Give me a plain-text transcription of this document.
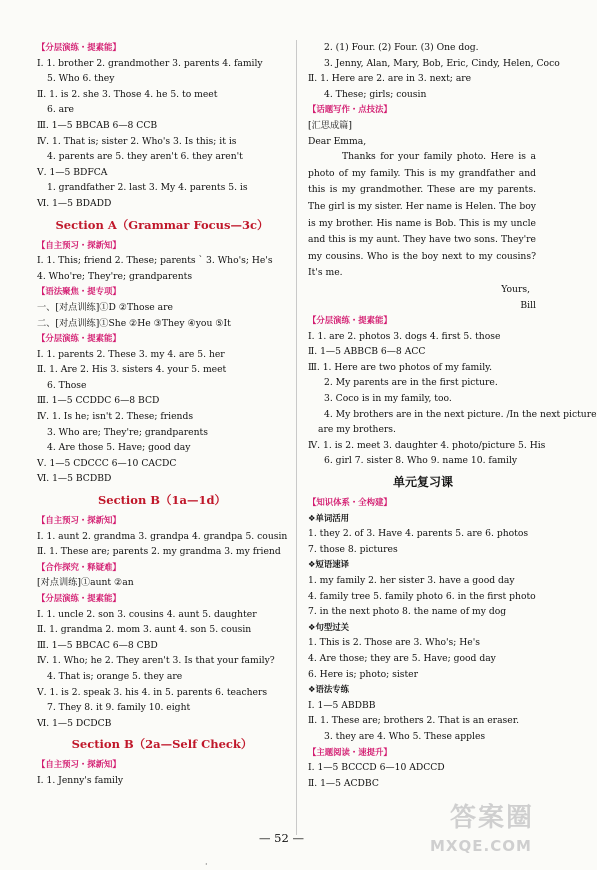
【分层演练・提素能】
Ⅰ. 1. brother 2. grandmother 3. parents 4. family
5. Who 6. they
Ⅱ. 1. is 2. she 3. Those 4. he 5. to meet
6. are
Ⅲ. 1—5 BBCAB 6—8 CCB
Ⅳ. 1. That is; sister 2. Who's 3. Is this; it is
4. parents are 5. they aren't 6. they aren't
Ⅴ. 1—5 BDFCA
1. grandfather 2. last 3. My 4. parents 5. is
Ⅵ. 1—5 BDADD
Section A（Grammar Focus—3c）
【自主预习・探新知】
Ⅰ. 1. This; friend 2. These; parents ` 3. Who's; He's
4. Who're; They're; grandparents
【语法聚焦・提专项】
一、[对点训练]①D ②Those are
二、[对点训练]①She ②He ③They ④you ⑤It
【分层演练・提素能】
Ⅰ. 1. parents 2. These 3. my 4. are 5. her
Ⅱ. 1. Are 2. His 3. sisters 4. your 5. meet
6. Those
Ⅲ. 1—5 CCDDC 6—8 BCD
Ⅳ. 1. Is he; isn't 2. These; friends
3. Who are; They're; grandparents
4. Are those 5. Have; good day
Ⅴ. 1—5 CDCCC 6—10 CACDC
Ⅵ. 1—5 BCDBD
Section B（1a—1d）
【自主预习・探新知】
Ⅰ. 1. aunt 2. grandma 3. grandpa 4. grandpa 5. cousin
Ⅱ. 1. These are; parents 2. my grandma 3. my friend
【合作探究・释疑难】
[对点训练]①aunt ②an
【分层演练・提素能】
Ⅰ. 1. uncle 2. son 3. cousins 4. aunt 5. daughter
Ⅱ. 1. grandma 2. mom 3. aunt 4. son 5. cousin
Ⅲ. 1—5 BBCAC 6—8 CBD
Ⅳ. 1. Who; he 2. They aren't 3. Is that your family?
4. That is; orange 5. they are
Ⅴ. 1. is 2. speak 3. his 4. in 5. parents 6. teachers
7. They 8. it 9. family 10. eight
Ⅵ. 1—5 DCDCB
Section B（2a—Self Check）
【自主预习・探新知】
Ⅰ. 1. Jenny's family
2. (1) Four. (2) Four. (3) One dog.
3. Jenny, Alan, Mary, Bob, Eric, Cindy, Helen, Coco
Ⅱ. 1. Here are 2. are in 3. next; are
4. These; girls; cousin
【话题写作・点技法】
[汇思成篇]
Dear Emma,
Thanks for your family photo. Here is a photo of my family. This is my grandfather and this is my grandmother. These are my parents. The girl is my sister. Her name is Helen. The boy is my brother. His name is Bob. This is my uncle and this is my aunt. They have two sons. They're my cousins. Who is the boy next to my cousins? It's me.
Yours,
Bill
【分层演练・提素能】
Ⅰ. 1. are 2. photos 3. dogs 4. first 5. those
Ⅱ. 1—5 ABBCB 6—8 ACC
Ⅲ. 1. Here are two photos of my family.
2. My parents are in the first picture.
3. Coco is in my family, too.
4. My brothers are in the next picture. /In the next picture
are my brothers.
Ⅳ. 1. is 2. meet 3. daughter 4. photo/picture 5. His
6. girl 7. sister 8. Who 9. name 10. family
单元复习课
【知识体系・全构建】
❖单词活用
1. they 2. of 3. Have 4. parents 5. are 6. photos
7. those 8. pictures
❖短语速译
1. my family 2. her sister 3. have a good day
4. family tree 5. family photo 6. in the first photo
7. in the next photo 8. the name of my dog
❖句型过关
1. This is 2. Those are 3. Who's; He's
4. Are those; they are 5. Have; good day
6. Here is; photo; sister
❖语法专练
Ⅰ. 1—5 ABDBB
Ⅱ. 1. These are; brothers 2. That is an eraser.
3. they are 4. Who 5. These apples
【主题阅读・速提升】
Ⅰ. 1—5 BCCCD 6—10 ADCCD
Ⅱ. 1—5 ACDBC
— 52 —
答案圈
MXQE.COM
·
